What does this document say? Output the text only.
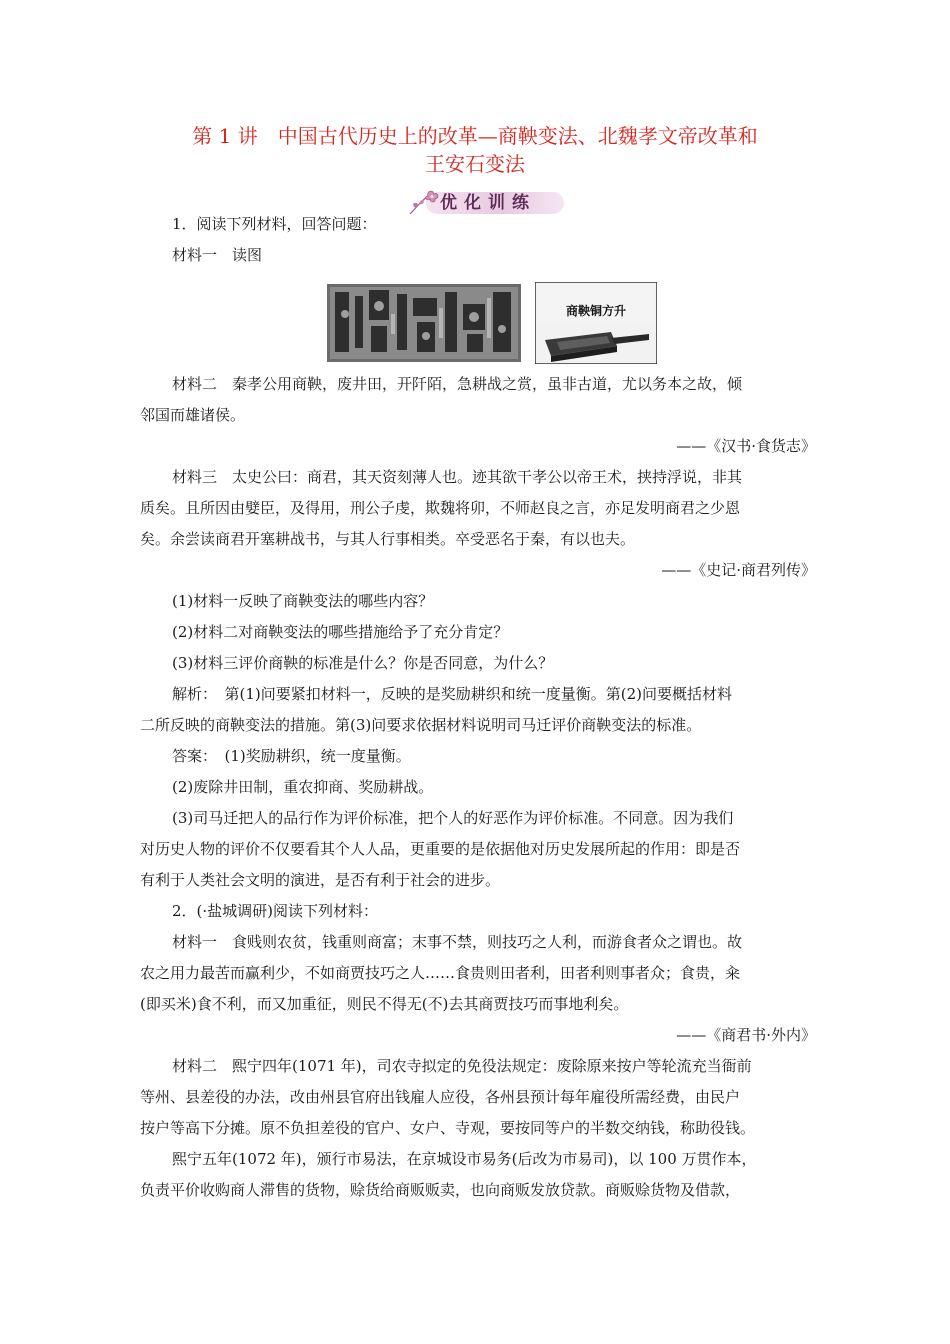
第 1 讲　中国古代历史上的改革—商鞅变法、北魏孝文帝改革和
王安石变法
优化训练
1．阅读下列材料，回答问题：
材料一　读图
商鞅铜方升
材料二　秦孝公用商鞅，废井田，开阡陌，急耕战之赏，虽非古道，尤以务本之故，倾
邻国而雄诸侯。
——《汉书·食货志》
材料三　太史公曰：商君，其天资刻薄人也。迹其欲干孝公以帝王术，挟持浮说，非其
质矣。且所因由嬖臣，及得用，刑公子虔，欺魏将卯，不师赵良之言，亦足发明商君之少恩
矣。余尝读商君开塞耕战书，与其人行事相类。卒受恶名于秦，有以也夫。
——《史记·商君列传》
(1)材料一反映了商鞅变法的哪些内容？
(2)材料二对商鞅变法的哪些措施给予了充分肯定？
(3)材料三评价商鞅的标准是什么？你是否同意，为什么？
解析：　第(1)问要紧扣材料一，反映的是奖励耕织和统一度量衡。第(2)问要概括材料
二所反映的商鞅变法的措施。第(3)问要求依据材料说明司马迁评价商鞅变法的标准。
答案：　(1)奖励耕织，统一度量衡。
(2)废除井田制，重农抑商、奖励耕战。
(3)司马迁把人的品行作为评价标准，把个人的好恶作为评价标准。不同意。因为我们
对历史人物的评价不仅要看其个人人品，更重要的是依据他对历史发展所起的作用：即是否
有利于人类社会文明的演进，是否有利于社会的进步。
2．(·盐城调研)阅读下列材料：
材料一　食贱则农贫，钱重则商富；末事不禁，则技巧之人利，而游食者众之谓也。故
农之用力最苦而赢利少，不如商贾技巧之人……食贵则田者利，田者利则事者众；食贵，籴
(即买米)食不利，而又加重征，则民不得无(不)去其商贾技巧而事地利矣。
——《商君书·外内》
材料二　熙宁四年(1071 年)，司农寺拟定的免役法规定：废除原来按户等轮流充当衙前
等州、县差役的办法，改由州县官府出钱雇人应役，各州县预计每年雇役所需经费，由民户
按户等高下分摊。原不负担差役的官户、女户、寺观，要按同等户的半数交纳钱，称助役钱。
熙宁五年(1072 年)，颁行市易法，在京城设市易务(后改为市易司)，以 100 万贯作本，
负责平价收购商人滞售的货物，赊货给商贩贩卖，也向商贩发放贷款。商贩赊货物及借款，
